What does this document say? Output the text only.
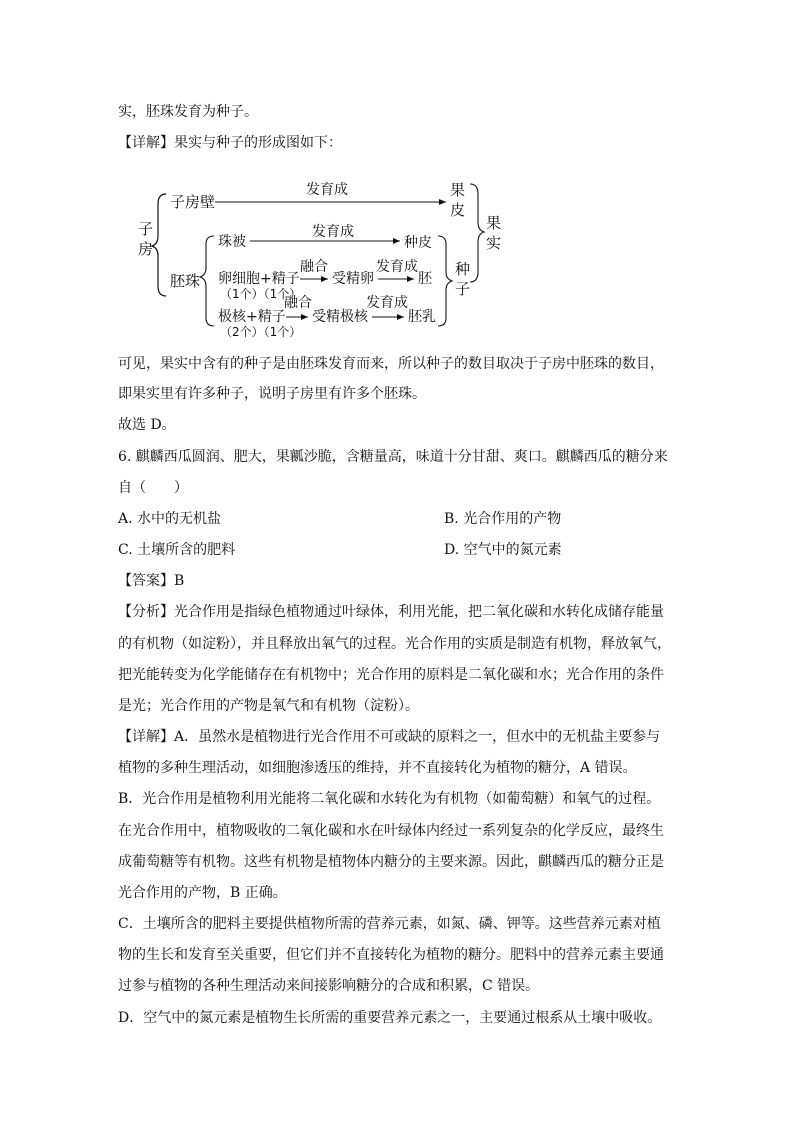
实，胚珠发育为种子。
【详解】果实与种子的形成图如下：
子
房
子房壁
发育成	果
皮
胚珠
珠被
发育成
种皮
卵细胞+精子
（1个）（1个）
融合
受精卵
发育成
胚
极核+精子
（2个）（1个）
融合
受精极核
发育成
胚乳
种
子
果
实
可见，果实中含有的种子是由胚珠发育而来，所以种子的数目取决于子房中胚珠的数目，
即果实里有许多种子，说明子房里有许多个胚珠。
故选 D。
6. 麒麟西瓜圆润、肥大，果瓤沙脆，含糖量高，味道十分甘甜、爽口。麒麟西瓜的糖分来
自（　　）
A. 水中的无机盐	B. 光合作用的产物
C. 土壤所含的肥料	D. 空气中的氮元素
【答案】B
【分析】光合作用是指绿色植物通过叶绿体，利用光能，把二氧化碳和水转化成储存能量
的有机物（如淀粉），并且释放出氧气的过程。光合作用的实质是制造有机物，释放氧气，
把光能转变为化学能储存在有机物中；光合作用的原料是二氧化碳和水；光合作用的条件
是光；光合作用的产物是氧气和有机物（淀粉）。
【详解】A．虽然水是植物进行光合作用不可或缺的原料之一，但水中的无机盐主要参与
植物的多种生理活动，如细胞渗透压的维持，并不直接转化为植物的糖分，A 错误。
B．光合作用是植物利用光能将二氧化碳和水转化为有机物（如葡萄糖）和氧气的过程。
在光合作用中，植物吸收的二氧化碳和水在叶绿体内经过一系列复杂的化学反应，最终生
成葡萄糖等有机物。这些有机物是植物体内糖分的主要来源。因此，麒麟西瓜的糖分正是
光合作用的产物，B 正确。
C．土壤所含的肥料主要提供植物所需的营养元素，如氮、磷、钾等。这些营养元素对植
物的生长和发育至关重要，但它们并不直接转化为植物的糖分。肥料中的营养元素主要通
过参与植物的各种生理活动来间接影响糖分的合成和积累，C 错误。
D．空气中的氮元素是植物生长所需的重要营养元素之一，主要通过根系从土壤中吸收。
